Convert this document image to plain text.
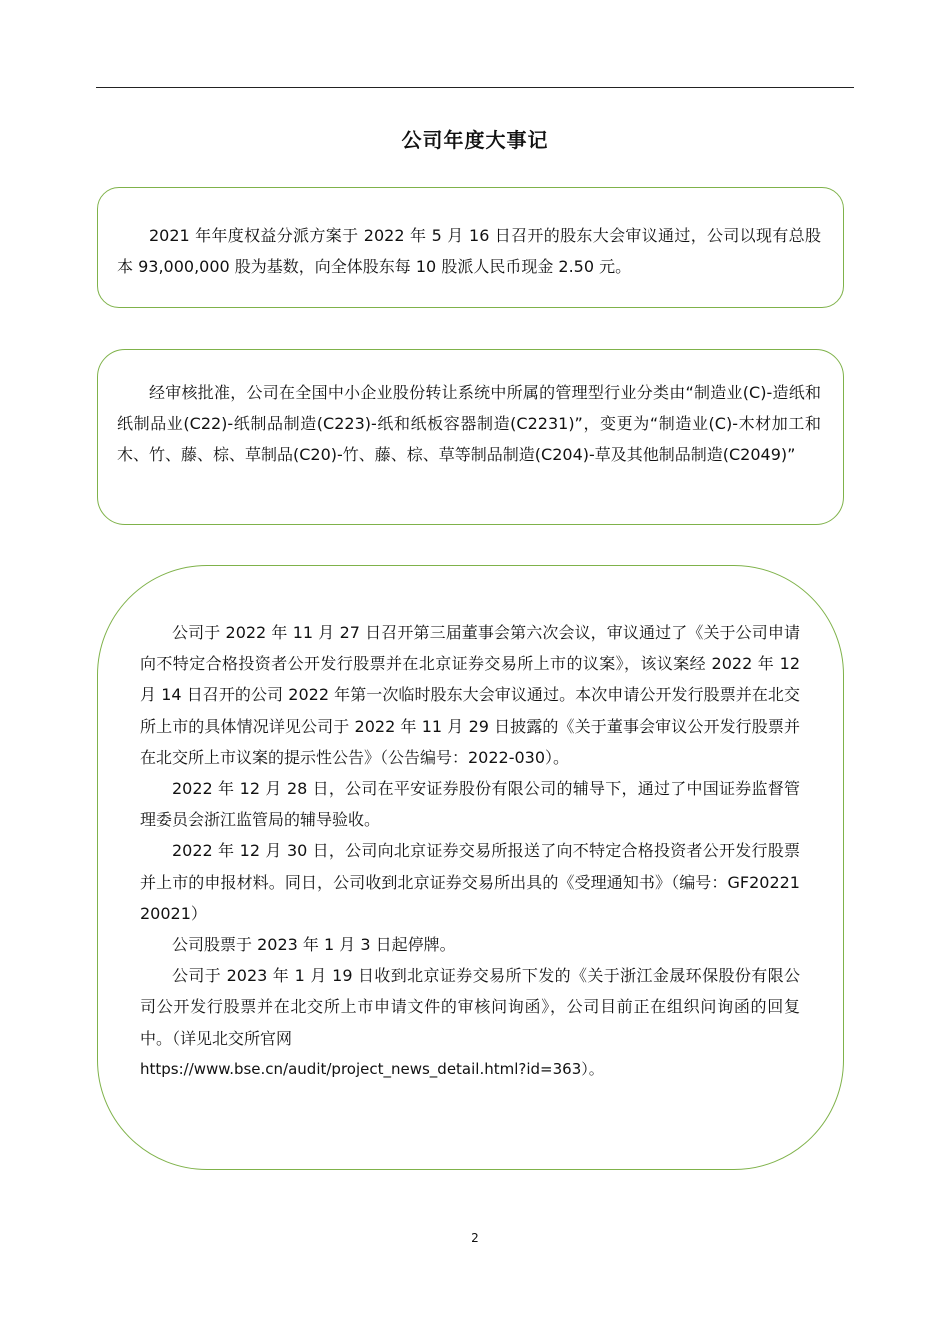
公司年度大事记

2021 年年度权益分派方案于 2022 年 5 月 16 日召开的股东大会审议通过，公司以现有总股本 93,000,000 股为基数，向全体股东每 10 股派人民币现金 2.50 元。

经审核批准，公司在全国中小企业股份转让系统中所属的管理型行业分类由“制造业(C)-造纸和纸制品业(C22)-纸制品制造(C223)-纸和纸板容器制造(C2231)”，变更为“制造业(C)-木材加工和木、竹、藤、棕、草制品(C20)-竹、藤、棕、草等制品制造(C204)-草及其他制品制造(C2049)”

公司于 2022 年 11 月 27 日召开第三届董事会第六次会议，审议通过了《关于公司申请向不特定合格投资者公开发行股票并在北京证券交易所上市的议案》，该议案经 2022 年 12 月 14 日召开的公司 2022 年第一次临时股东大会审议通过。本次申请公开发行股票并在北交所上市的具体情况详见公司于 2022 年 11 月 29 日披露的《关于董事会审议公开发行股票并在北交所上市议案的提示性公告》（公告编号：2022-030）。

2022 年 12 月 28 日，公司在平安证券股份有限公司的辅导下，通过了中国证券监督管理委员会浙江监管局的辅导验收。

2022 年 12 月 30 日，公司向北京证券交易所报送了向不特定合格投资者公开发行股票并上市的申报材料。同日，公司收到北京证券交易所出具的《受理通知书》（编号：GF2022120021）

公司股票于 2023 年 1 月 3 日起停牌。

公司于 2023 年 1 月 19 日收到北京证券交易所下发的《关于浙江金晟环保股份有限公司公开发行股票并在北交所上市申请文件的审核问询函》，公司目前正在组织问询函的回复中。（详见北交所官网

https://www.bse.cn/audit/project_news_detail.html?id=363）。

2
